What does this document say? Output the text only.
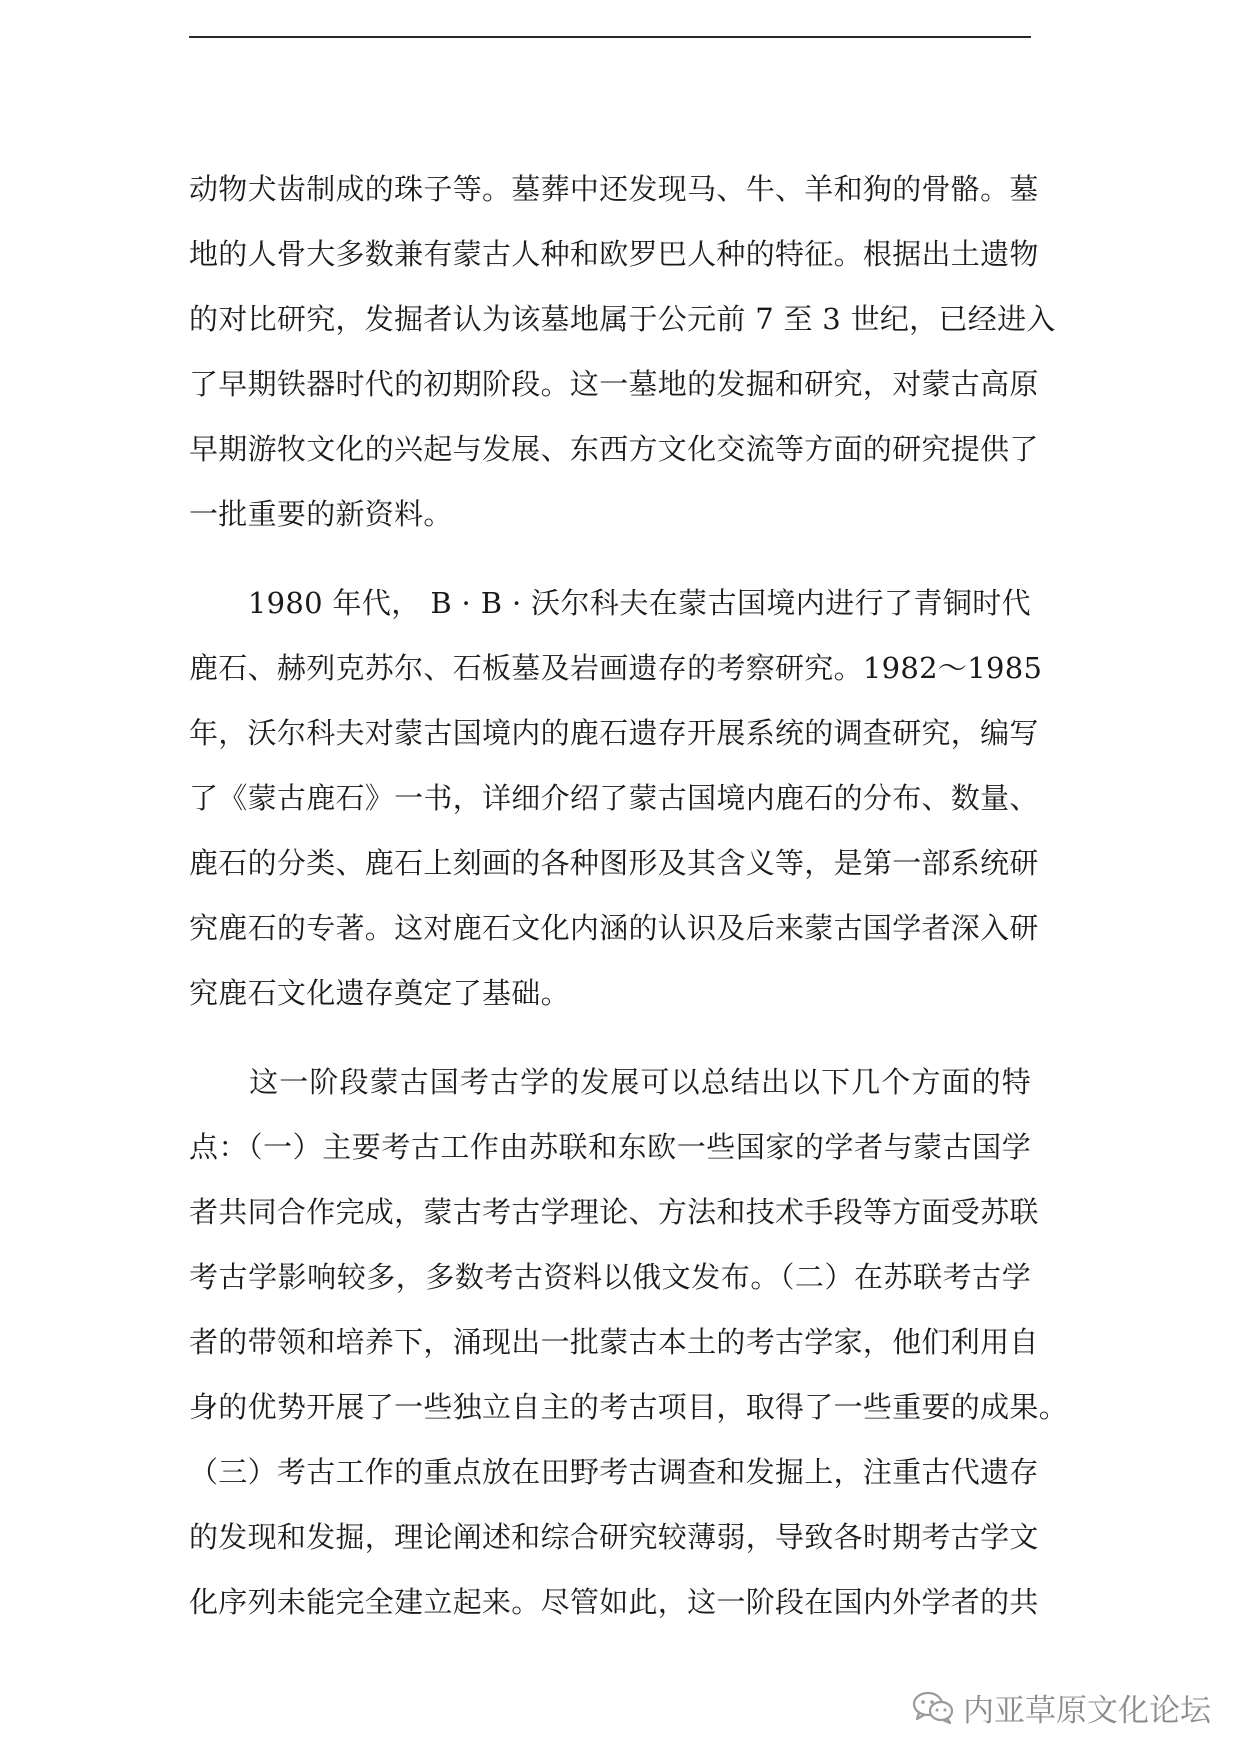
动物犬齿制成的珠子等。墓葬中还发现马、牛、羊和狗的骨骼。墓
地的人骨大多数兼有蒙古人种和欧罗巴人种的特征。根据出土遗物
的对比研究，发掘者认为该墓地属于公元前 7 至 3 世纪，已经进入
了早期铁器时代的初期阶段。这一墓地的发掘和研究，对蒙古高原
早期游牧文化的兴起与发展、东西方文化交流等方面的研究提供了
一批重要的新资料。

　　1980 年代， В · В · 沃尔科夫在蒙古国境内进行了青铜时代
鹿石、赫列克苏尔、石板墓及岩画遗存的考察研究。1982～1985
年，沃尔科夫对蒙古国境内的鹿石遗存开展系统的调查研究，编写
了《蒙古鹿石》一书，详细介绍了蒙古国境内鹿石的分布、数量、
鹿石的分类、鹿石上刻画的各种图形及其含义等，是第一部系统研
究鹿石的专著。这对鹿石文化内涵的认识及后来蒙古国学者深入研
究鹿石文化遗存奠定了基础。

　　这一阶段蒙古国考古学的发展可以总结出以下几个方面的特
点：（一）主要考古工作由苏联和东欧一些国家的学者与蒙古国学
者共同合作完成，蒙古考古学理论、方法和技术手段等方面受苏联
考古学影响较多，多数考古资料以俄文发布。（二）在苏联考古学
者的带领和培养下，涌现出一批蒙古本土的考古学家，他们利用自
身的优势开展了一些独立自主的考古项目，取得了一些重要的成果。
（三）考古工作的重点放在田野考古调查和发掘上，注重古代遗存
的发现和发掘，理论阐述和综合研究较薄弱，导致各时期考古学文
化序列未能完全建立起来。尽管如此，这一阶段在国内外学者的共

内亚草原文化论坛
